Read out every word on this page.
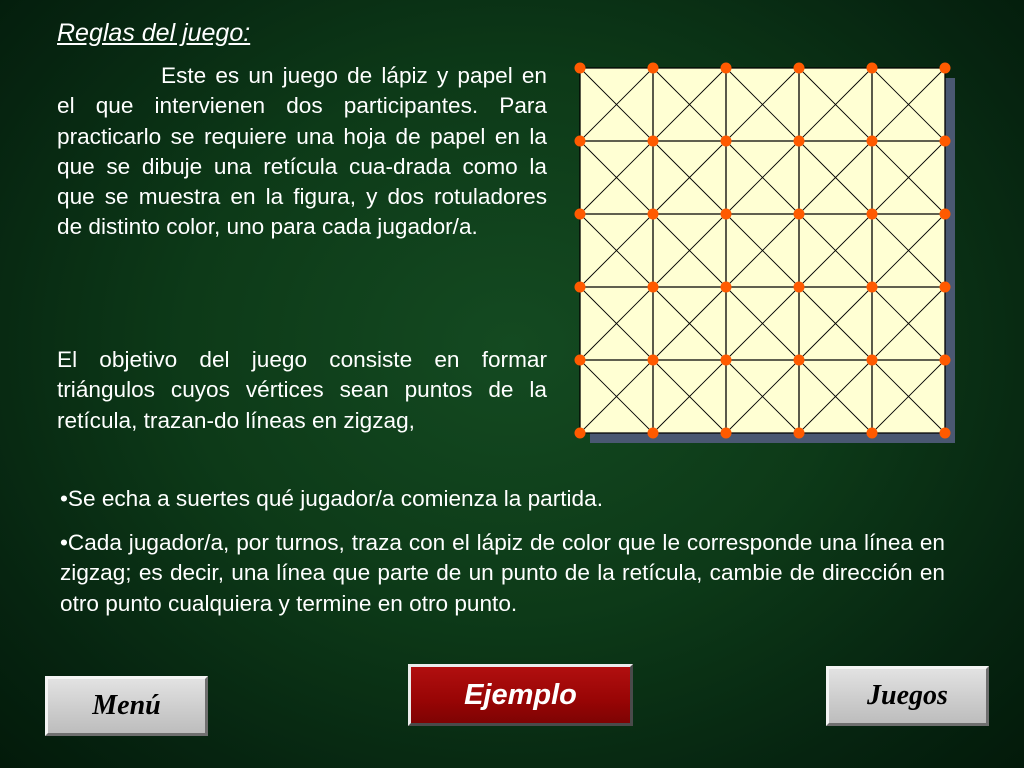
Reglas del juego:

Este es un juego de lápiz y papel en el que intervienen dos participantes. Para practicarlo se requiere una hoja de papel en la que se dibuje una retícula cua-drada como la que se muestra en la figura, y dos rotuladores de distinto color, uno para cada jugador/a.

El objetivo del juego consiste en formar triángulos cuyos vértices sean puntos de la retícula, trazan-do líneas en zigzag,

•Se echa a suertes qué jugador/a comienza la partida.

•Cada jugador/a, por turnos, traza con el lápiz de color que le corresponde una línea en zigzag; es decir, una línea que parte de un punto de la retícula, cambie de dirección en otro punto cualquiera y termine en otro punto.

Menú	Ejemplo	Juegos
